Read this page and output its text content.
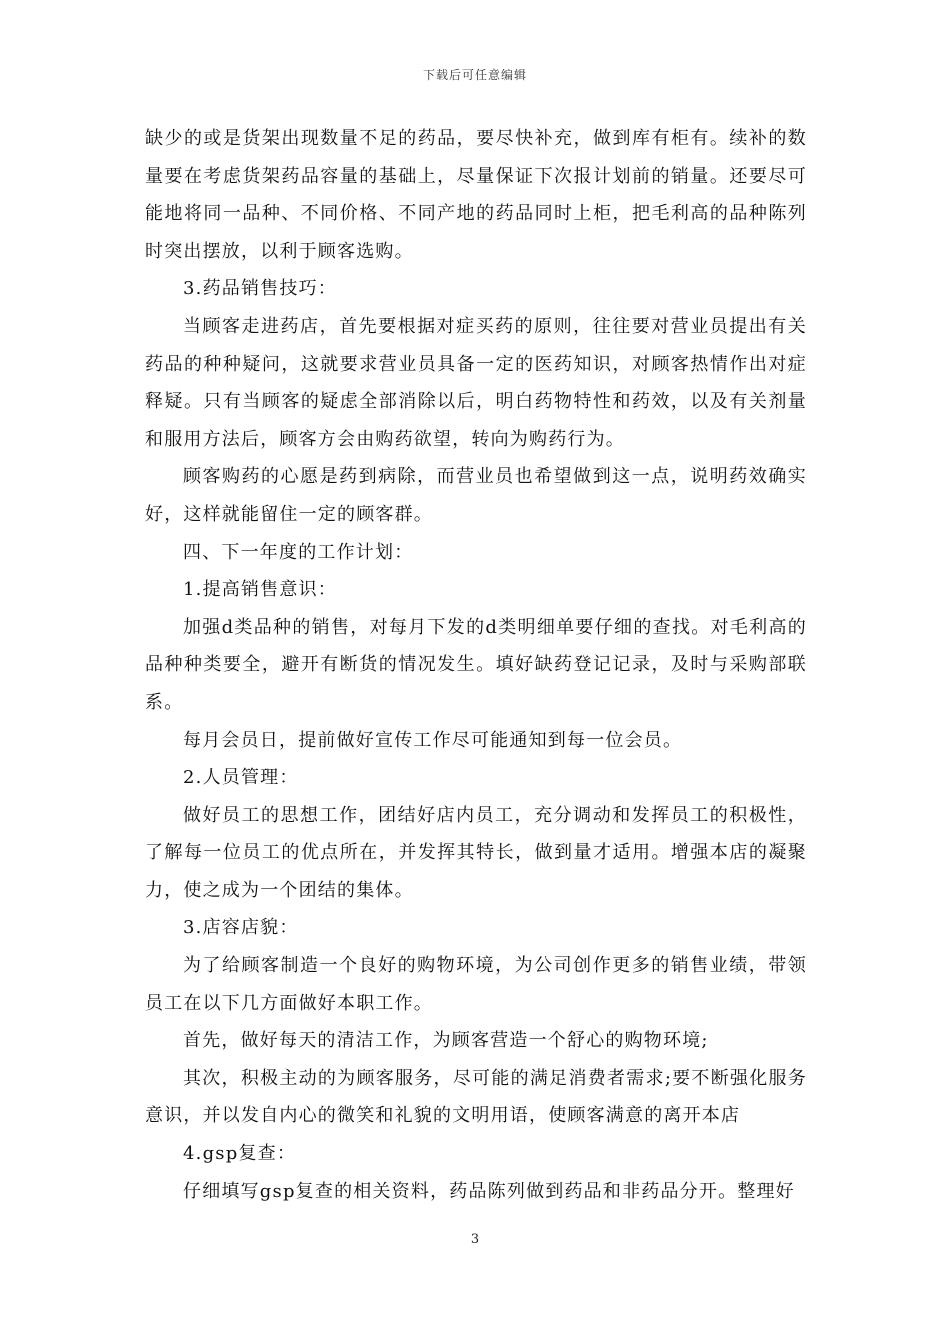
下载后可任意编辑

缺少的或是货架出现数量不足的药品，要尽快补充，做到库有柜有。续补的数量要在考虑货架药品容量的基础上，尽量保证下次报计划前的销量。还要尽可能地将同一品种、不同价格、不同产地的药品同时上柜，把毛利高的品种陈列时突出摆放，以利于顾客选购。

3.药品销售技巧：

当顾客走进药店，首先要根据对症买药的原则，往往要对营业员提出有关药品的种种疑问，这就要求营业员具备一定的医药知识，对顾客热情作出对症释疑。只有当顾客的疑虑全部消除以后，明白药物特性和药效，以及有关剂量和服用方法后，顾客方会由购药欲望，转向为购药行为。

顾客购药的心愿是药到病除，而营业员也希望做到这一点，说明药效确实好，这样就能留住一定的顾客群。

四、下一年度的工作计划：

1.提高销售意识：

加强d类品种的销售，对每月下发的d类明细单要仔细的查找。对毛利高的品种种类要全，避开有断货的情况发生。填好缺药登记记录，及时与采购部联系。

每月会员日，提前做好宣传工作尽可能通知到每一位会员。

2.人员管理：

做好员工的思想工作，团结好店内员工，充分调动和发挥员工的积极性，了解每一位员工的优点所在，并发挥其特长，做到量才适用。增强本店的凝聚力，使之成为一个团结的集体。

3.店容店貌：

为了给顾客制造一个良好的购物环境，为公司创作更多的销售业绩，带领员工在以下几方面做好本职工作。

首先，做好每天的清洁工作，为顾客营造一个舒心的购物环境;

其次，积极主动的为顾客服务，尽可能的满足消费者需求;要不断强化服务意识，并以发自内心的微笑和礼貌的文明用语，使顾客满意的离开本店

4.gsp复查：

仔细填写gsp复查的相关资料，药品陈列做到药品和非药品分开。整理好

3
